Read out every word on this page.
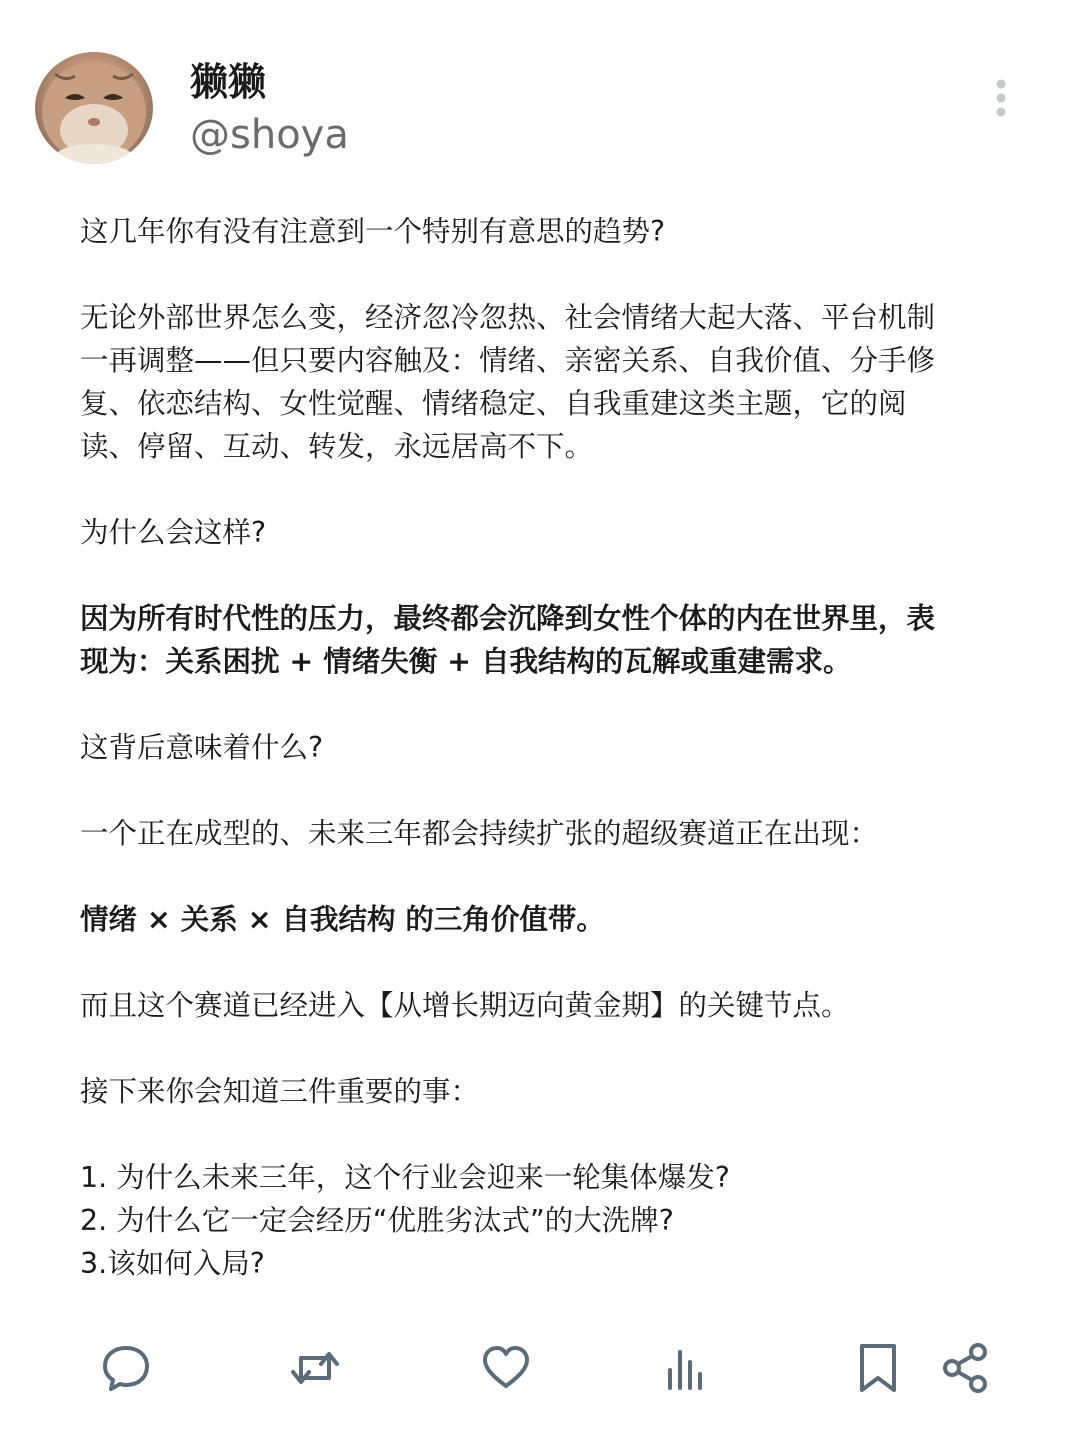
獭獭
@shoya

这几年你有没有注意到一个特别有意思的趋势?

无论外部世界怎么变，经济忽冷忽热、社会情绪大起大落、平台机制
一再调整——但只要内容触及：情绪、亲密关系、自我价值、分手修
复、依恋结构、女性觉醒、情绪稳定、自我重建这类主题，它的阅
读、停留、互动、转发，永远居高不下。

为什么会这样?

因为所有时代性的压力，最终都会沉降到女性个体的内在世界里，表
现为：关系困扰 + 情绪失衡 + 自我结构的瓦解或重建需求。

这背后意味着什么?

一个正在成型的、未来三年都会持续扩张的超级赛道正在出现：

情绪 × 关系 × 自我结构 的三角价值带。

而且这个赛道已经进入【从增长期迈向黄金期】的关键节点。

接下来你会知道三件重要的事：

1. 为什么未来三年，这个行业会迎来一轮集体爆发?
2. 为什么它一定会经历“优胜劣汰式”的大洗牌?
3.该如何入局?
